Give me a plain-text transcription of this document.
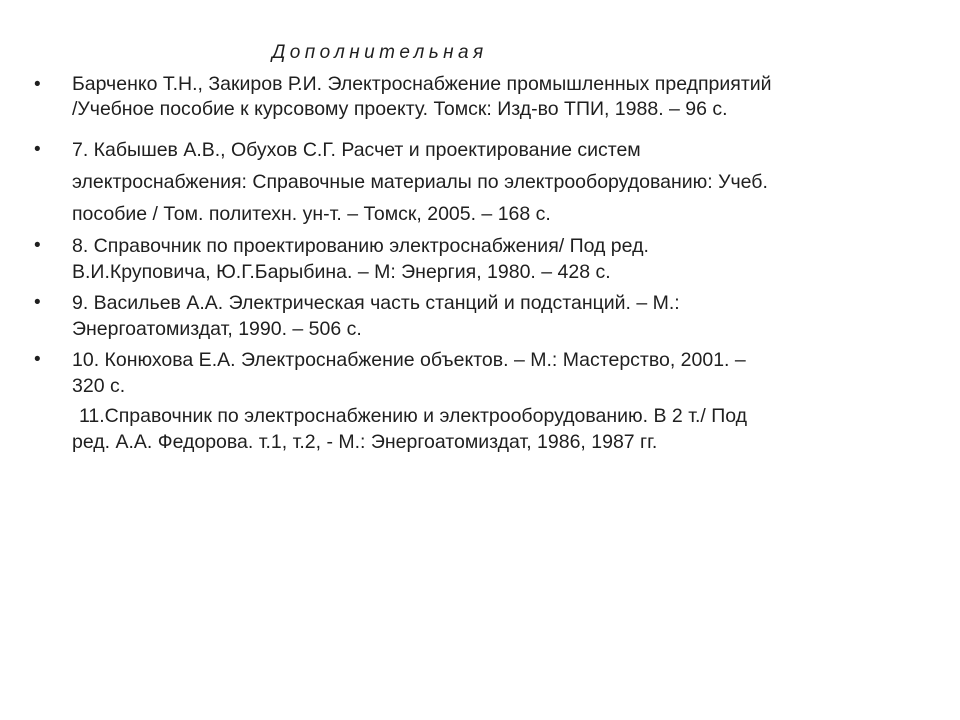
Дополнительная
• Барченко Т.Н., Закиров Р.И. Электроснабжение промышленных предприятий
/Учебное пособие к курсовому проекту. Томск: Изд-во ТПИ, 1988. – 96 с.
• 7. Кабышев А.В., Обухов С.Г. Расчет и проектирование систем
электроснабжения: Справочные материалы по электрооборудованию: Учеб.
пособие / Том. политехн. ун-т. – Томск, 2005. – 168 с.
• 8. Справочник по проектированию электроснабжения/ Под ред.
В.И.Круповича, Ю.Г.Барыбина. – М: Энергия, 1980. – 428 с.
• 9. Васильев А.А. Электрическая часть станций и подстанций. – М.:
Энергоатомиздат, 1990. – 506 с.
• 10. Конюхова Е.А. Электроснабжение объектов. – М.: Мастерство, 2001. –
320 с.
11.Справочник по электроснабжению и электрооборудованию. В 2 т./ Под
ред. А.А. Федорова. т.1, т.2, - М.: Энергоатомиздат, 1986, 1987 гг.
